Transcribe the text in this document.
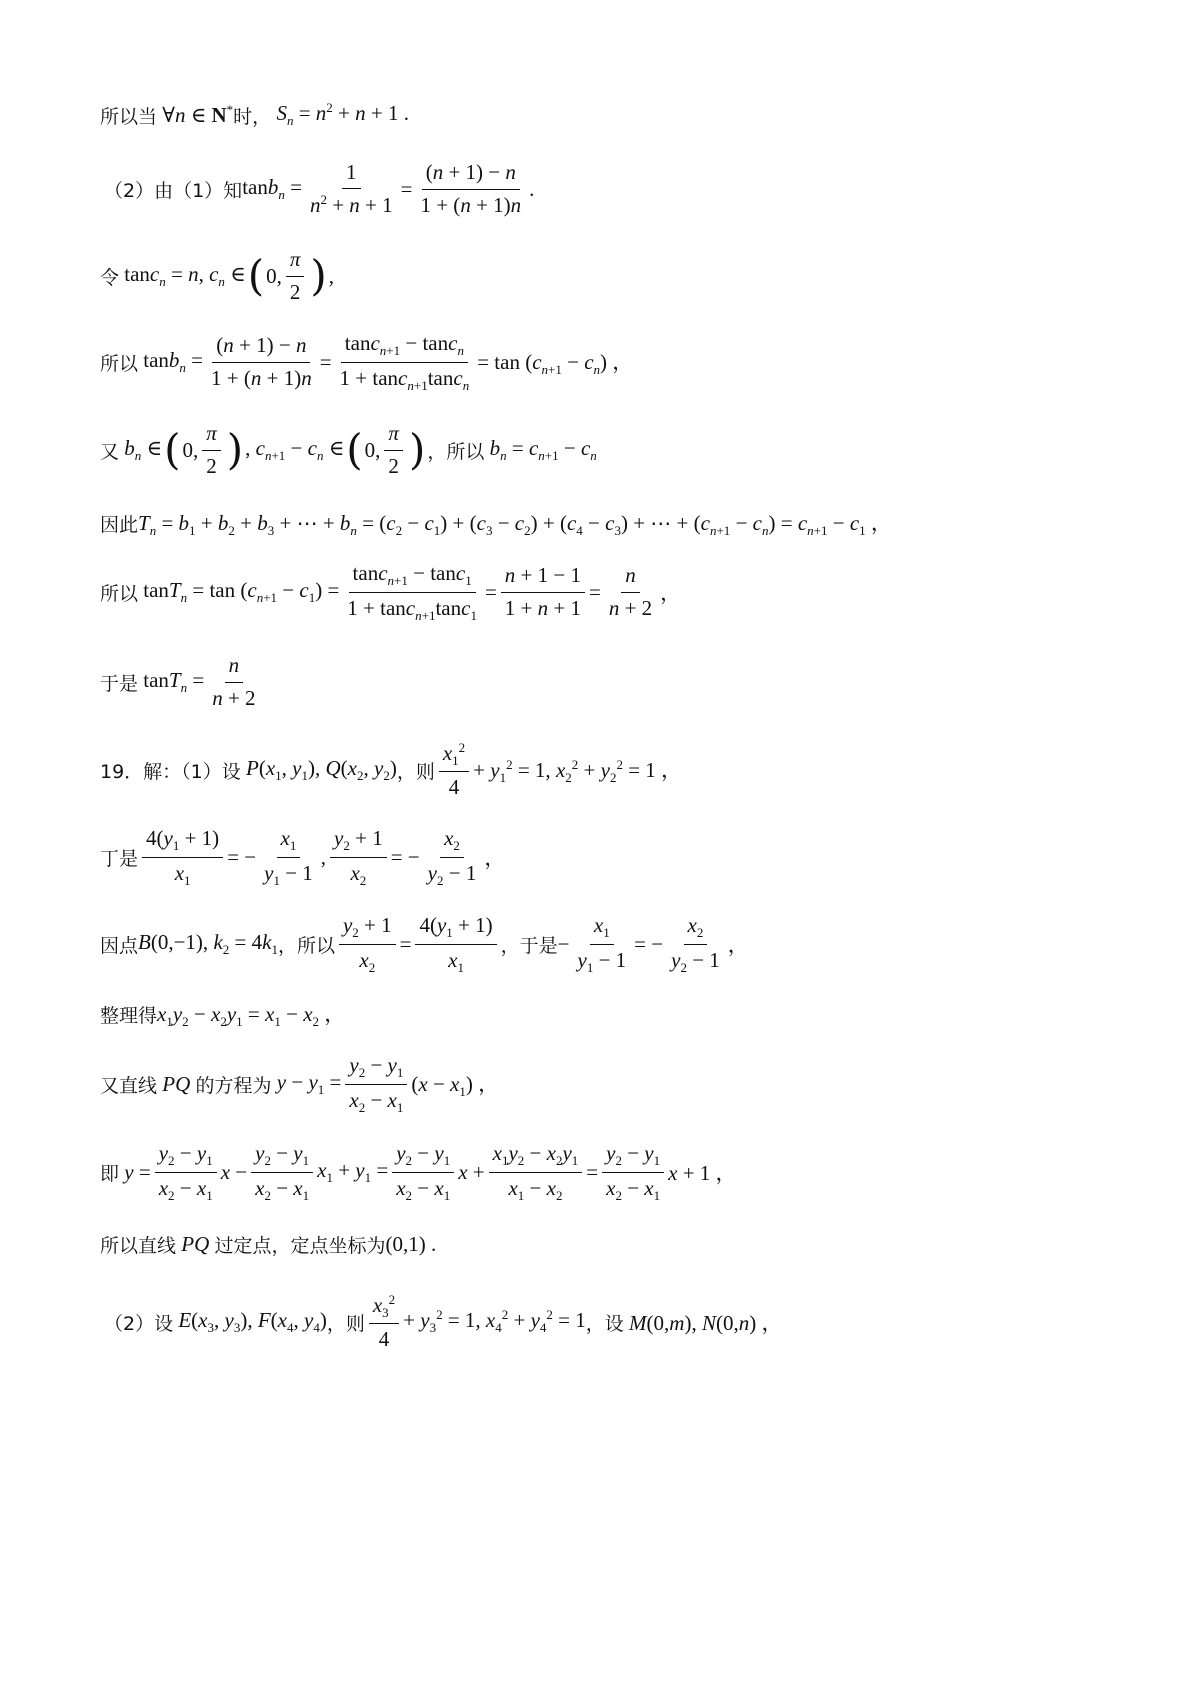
所以当 ∀n ∈ N* 时， $S_n = n^2 + n + 1$ .
（2）由（1）知 $\tan b_n = \frac{1}{n^2 + n + 1} = \frac{(n + 1) - n}{1 + (n + 1)n}$ .
令 tanc$_n$ = n, $c_n$ ∈ ( 0, $\frac{\pi}{2}$ ) ,
所以 $\tan b_n = \frac{(n + 1) - n}{1 + (n + 1)n} = \frac{\tan c_{n+1} - \tan c_n}{1 + \tan c_{n+1}\tan c_n} = \tan (c_{n+1} - c_n)$ ，
又 $b_n$ ∈ ( 0, $\frac{\pi}{2}$ ) , $c_{n+1} - c_n$ ∈ ( 0, $\frac{\pi}{2}$ ) ，所以 $b_n = c_{n+1} - c_n$
因此 $T_n = b_1 + b_2 + b_3$ + ⋯ + $b_n = (c_2 - c_1) + (c_3 - c_2) + (c_4 - c_3)$ + ⋯ + $(c_{n+1} - c_n) = c_{n+1} - c_1$ ，
所以 $\tan T_n = \tan (c_{n+1} - c_1) = \frac{\tan c_{n+1} - \tan c_1}{1 + \tan c_{n+1}\tan c_1} = \frac{n + 1 - 1}{1 + n + 1} = \frac{n}{n + 2}$ ，
于是 $\tan T_n = \frac{n}{n + 2}$
19．解：（1）设 $P(x_1$, $y_1$), $Q(x_2$, $y_2$) ，则 $\frac{x_1^2}{4} + y_1^2 = 1$, $x_2^2 + y_2^2 = 1$ ，
丁是 $\frac{4(y_1 + 1)}{x_1}$ = − $\frac{x_1}{y_1 - 1}$ , $\frac{y_2 + 1}{x_2}$ = − $\frac{x_2}{y_2 - 1}$ ，
因点 B(0,−1), $k_2 = 4k_1$ ，所以 $\frac{y_2 + 1}{x_2} = \frac{4(y_1 + 1)}{x_1}$ ，于是 − $\frac{x_1}{y_1 - 1}$ = − $\frac{x_2}{y_2 - 1}$ ，
整理得 $x_1y_2 - x_2y_1 = x_1 - x_2$ ，
又直线 PQ 的方程为 $y - y_1 = \frac{y_2 - y_1}{x_2 - x_1} (x - x_1)$ ，
即 $y = \frac{y_2 - y_1}{x_2 - x_1}$ $x - \frac{y_2 - y_1}{x_2 - x_1} x_1 + y_1 = \frac{y_2 - y_1}{x_2 - x_1}$ $x + \frac{x_1y_2 - x_2y_1}{x_1 - x_2} = \frac{y_2 - y_1}{x_2 - x_1}$ x + 1 ，
所以直线 PQ 过定点，定点坐标为 (0,1) .
（2）设 $E(x_3$, $y_3$), $F(x_4$, $y_4$) ，则 $\frac{x_3^2}{4} + y_3^2 = 1$, $x_4^2 + y_4^2 = 1$ ，设 M(0,m), N(0,n) ，
